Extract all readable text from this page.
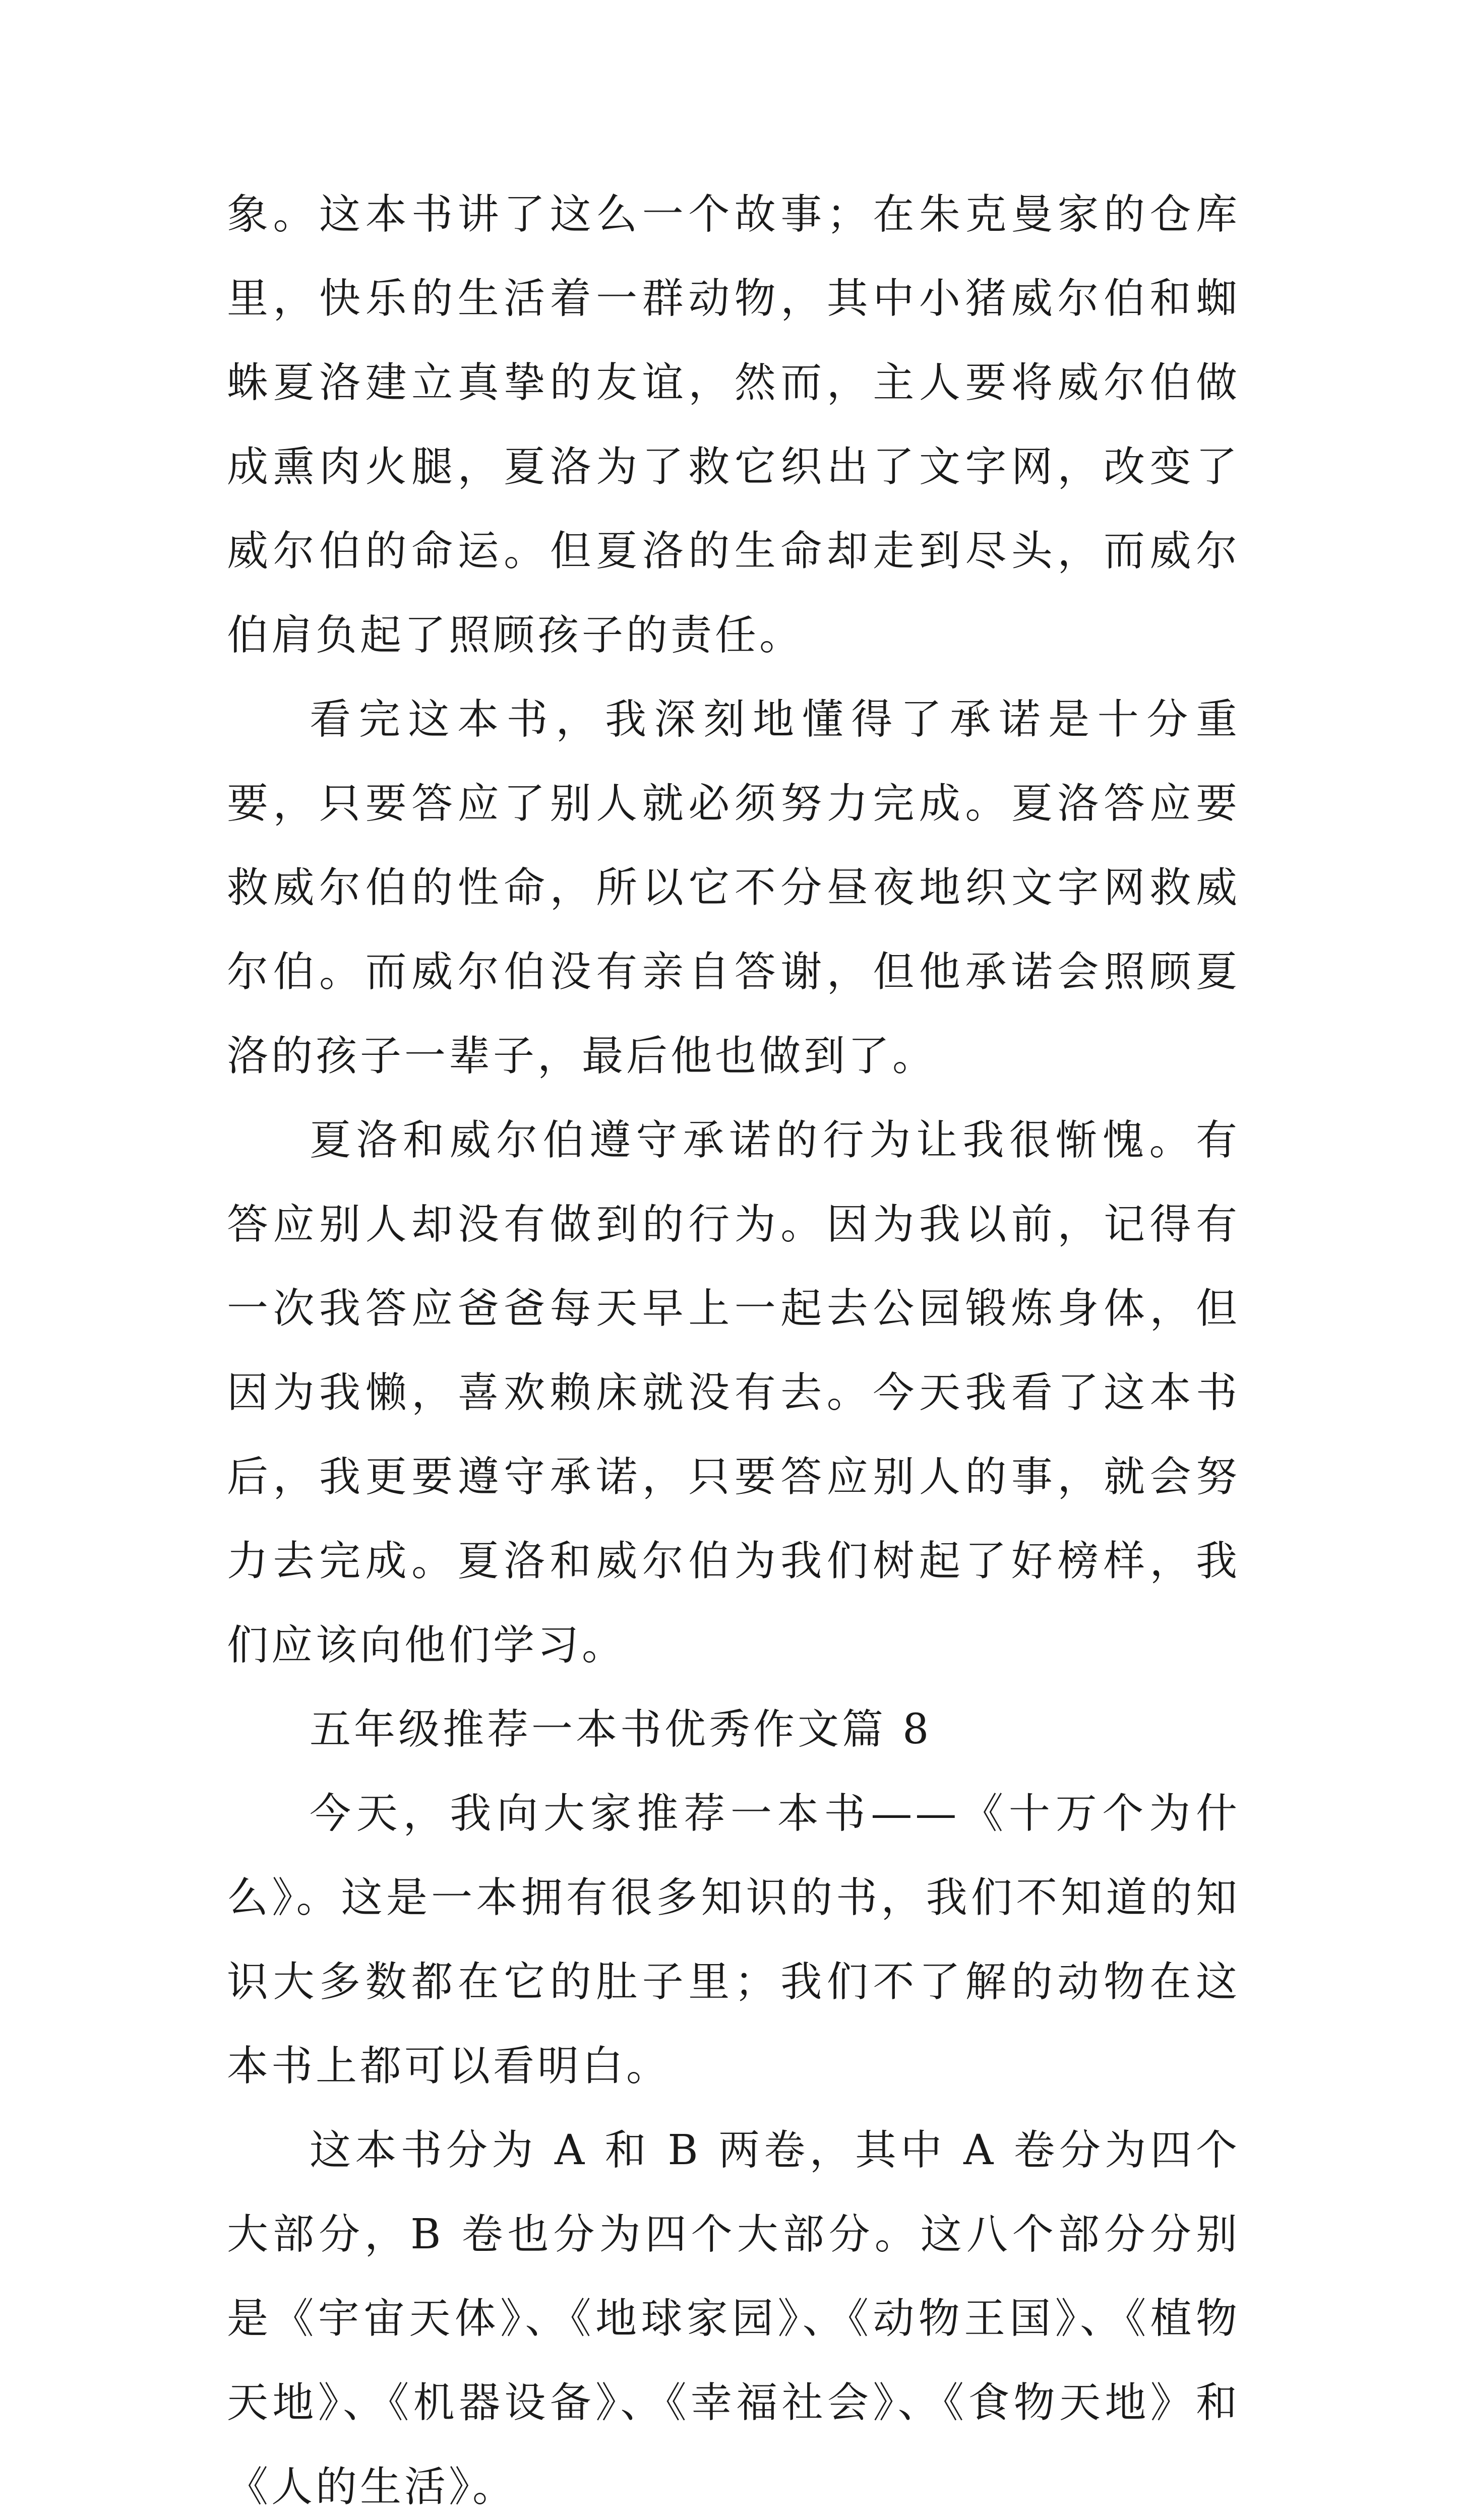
象。这本书讲了这么一个故事；在朱克曼家的仓库里，快乐的生活着一群动物，其中小猪威尔伯和蜘蛛夏洛建立真挚的友谊，然而，主人要将威尔伯做成熏肉火腿，夏洛为了救它织出了文字网，改变了威尔伯的命运。但夏洛的生命却走到尽头，而威尔伯肩负起了照顾孩子的责任。

看完这本书，我深刻地懂得了承诺是十分重要，只要答应了别人就必须努力完成。夏洛答应要救威尔伯的性命，所以它不分昼夜地织文字网救威尔伯。而威尔伯没有亲自答谢，但他承诺会照顾夏洛的孩子一辈子，最后他也做到了。

夏洛和威尔伯遵守承诺的行为让我很惭愧。有答应别人却没有做到的行为。因为我以前，记得有一次我答应爸爸每天早上一起去公园锻炼身体，但因为我懒，喜欢赖床就没有去。今天我看了这本书后，我更要遵守承诺，只要答应别人的事，就会努力去完成。夏洛和威尔伯为我们树起了好榜样，我们应该向他们学习。

五年级推荐一本书优秀作文篇 8

今天，我向大家推荐一本书——《十万个为什么》。这是一本拥有很多知识的书，我们不知道的知识大多数都在它的肚子里；我们不了解的动物在这本书上都可以看明白。

这本书分为 A 和 B 两卷，其中 A 卷分为四个大部分，B 卷也分为四个大部分。这八个部分分别是《宇宙天体》、《地球家园》、《动物王国》、《植物天地》、《机器设备》、《幸福社会》、《食物天地》和《人的生活》。
